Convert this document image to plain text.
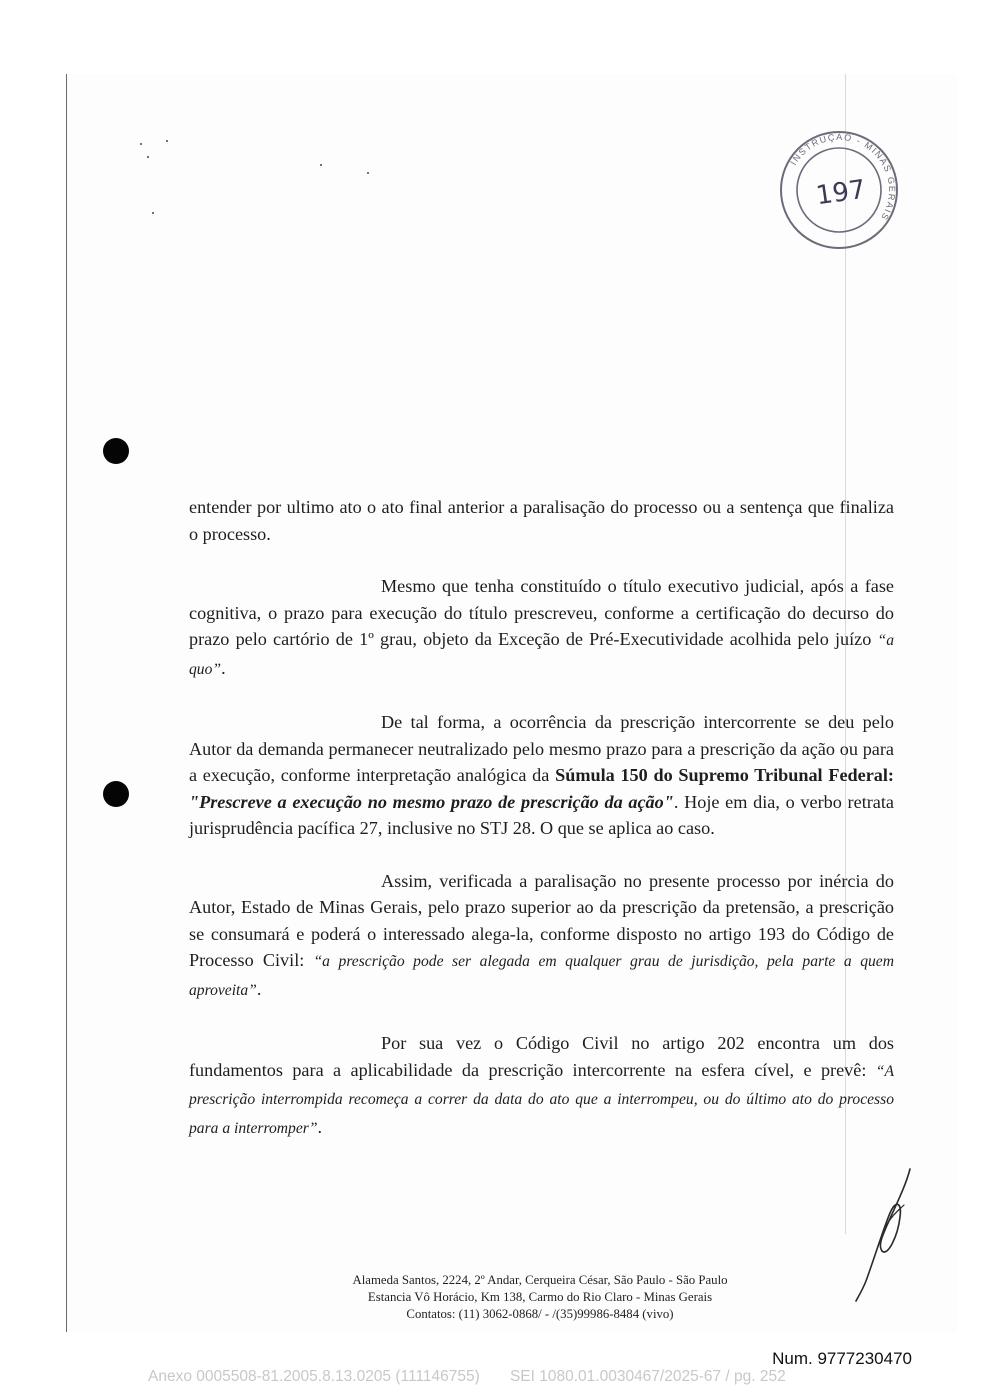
INSTRUÇÃO - MINAS GERAIS
197

entender por ultimo ato o ato final anterior a paralisação do processo ou a sentença que finaliza o processo.

Mesmo que tenha constituído o título executivo judicial, após a fase cognitiva, o prazo para execução do título prescreveu, conforme a certificação do decurso do prazo pelo cartório de 1º grau, objeto da Exceção de Pré-Executividade acolhida pelo juízo “a quo”.

De tal forma, a ocorrência da prescrição intercorrente se deu pelo Autor da demanda permanecer neutralizado pelo mesmo prazo para a prescrição da ação ou para a execução, conforme interpretação analógica da Súmula 150 do Supremo Tribunal Federal: "Prescreve a execução no mesmo prazo de prescrição da ação". Hoje em dia, o verbo retrata jurisprudência pacífica 27, inclusive no STJ 28. O que se aplica ao caso.

Assim, verificada a paralisação no presente processo por inércia do Autor, Estado de Minas Gerais, pelo prazo superior ao da prescrição da pretensão, a prescrição se consumará e poderá o interessado alega-la, conforme disposto no artigo 193 do Código de Processo Civil: “a prescrição pode ser alegada em qualquer grau de jurisdição, pela parte a quem aproveita”.

Por sua vez o Código Civil no artigo 202 encontra um dos fundamentos para a aplicabilidade da prescrição intercorrente na esfera cível, e prevê: “A prescrição interrompida recomeça a correr da data do ato que a interrompeu, ou do último ato do processo para a interromper”.

Alameda Santos, 2224, 2º Andar, Cerqueira César, São Paulo - São Paulo
Estancia Vô Horácio, Km 138, Carmo do Rio Claro - Minas Gerais
Contatos: (11) 3062-0868/ - /(35)99986-8484 (vivo)
Num. 9777230470
Anexo 0005508-81.2005.8.13.0205 (111146755)       SEI 1080.01.0030467/2025-67 / pg. 252
